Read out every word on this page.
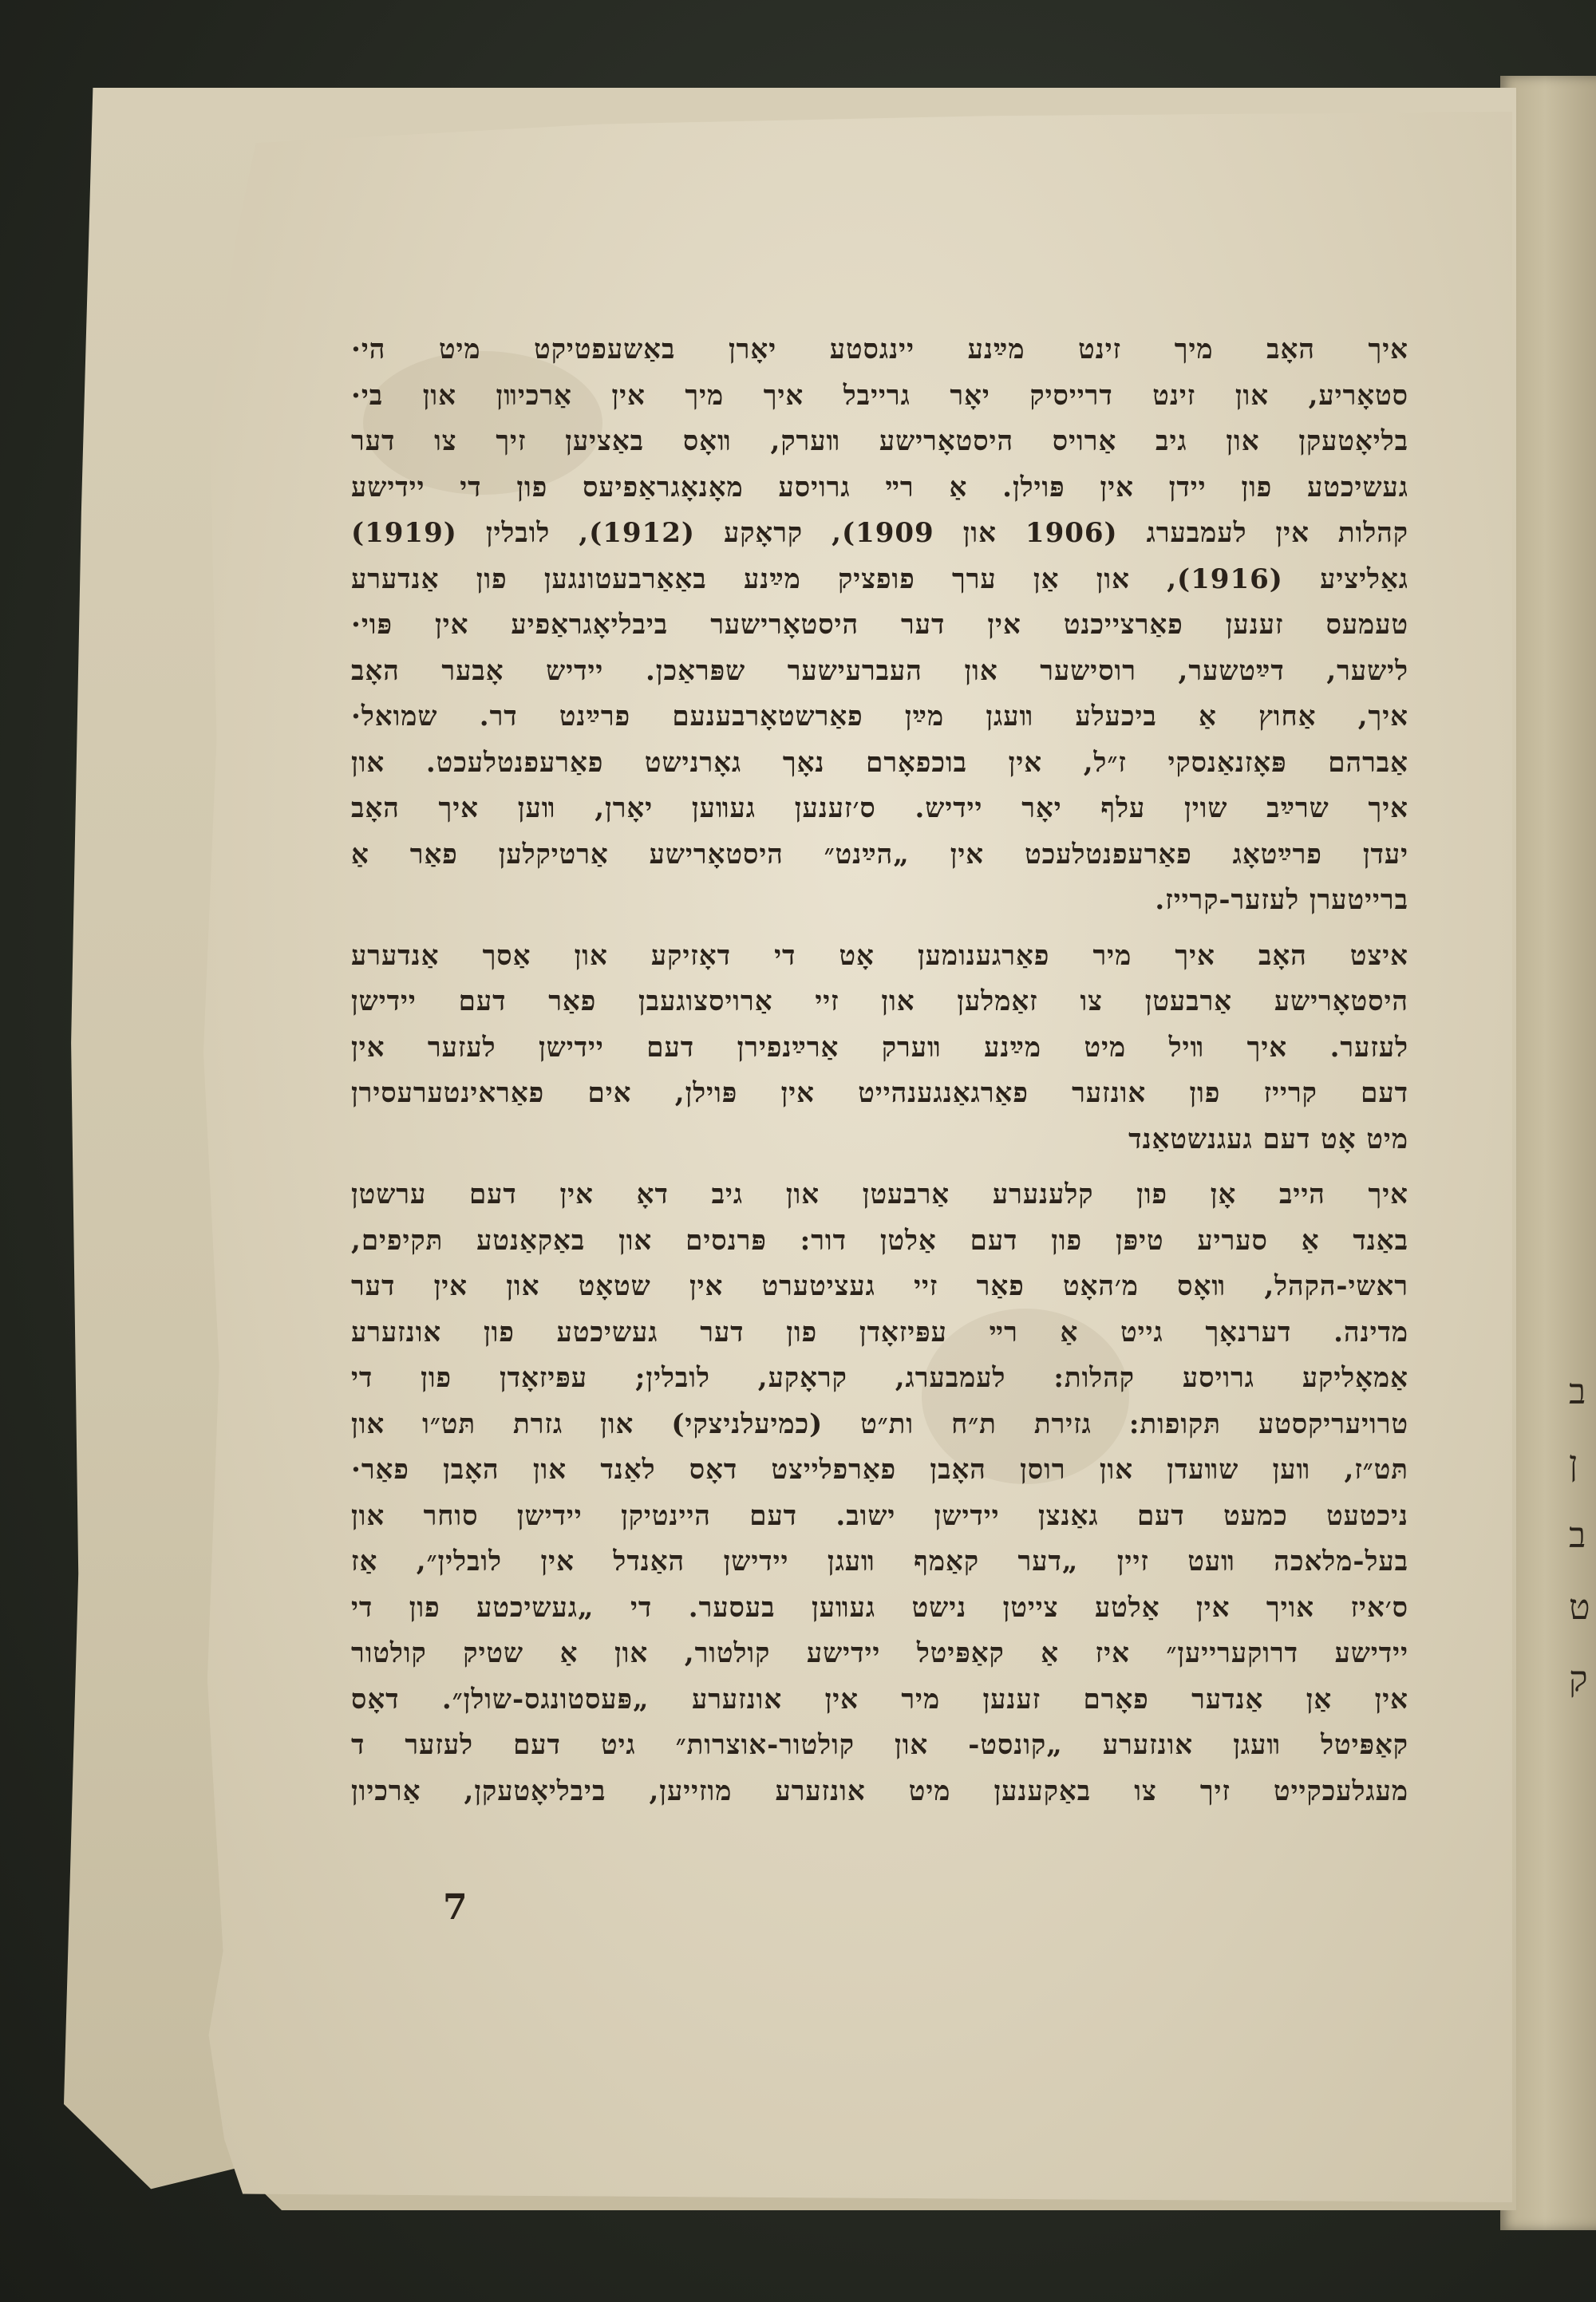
ב
ן
ב
ט
ק
איך האָב מיך זינט מײַנע יינגסטע יאָרן באַשעפטיקט מיט הי·
סטאָריע, און זינט דרייסיק יאָר גרייבל איך מיך אין אַרכיװן און בי·
בליאָטעקן און גיב אַרויס היסטאָרישע װערק, װאָס באַציען זיך צו דער
געשיכטע פון יידן אין פּוילן. אַ רײ גרויסע מאָנאָגראַפיעס פון די יידישע
קהלות אין לעמבערג (1906 און 1909), קראָקע (1912), לובלין (1919)
גאַליציע (1916), און אַן ערך פופציק מײַנע באַאַרבעטונגען פון אַנדערע
טעמעס זענען פאַרצייכנט אין דער היסטאָרישער ביבליאָגראַפיע אין פּוי·
לישער, דײַטשער, רוסישער און העברעישער שפּראַכן. יידיש אָבער האָב
איך, אַחוץ אַ ביכעלע װעגן מײַן פאַרשטאָרבענעם פרײַנט דר. שמואל·
אַברהם פּאָזנאַנסקי ז״ל, אין בוכפאָרם נאָך גאָרנישט פאַרעפנטלעכט. און
איך שרײַב שוין עלף יאָר יידיש. ס׳זענען געװען יאָרן, װען איך האָב
יעדן פרײַטאָג פאַרעפנטלעכט אין „הײַנט״ היסטאָרישע אַרטיקלען פאַר אַ
ברייטערן לעזער-קרייז.
איצט האָב איך מיר פאַרגענומען אָט די דאָזיקע און אַסך אַנדערע
היסטאָרישע אַרבעטן צו זאַמלען און זיי אַרויסצוגעבן פאַר דעם יידישן
לעזער. איך װיל מיט מײַנע װערק אַרײַנפירן דעם יידישן לעזער אין
דעם קרייז פון אונזער פאַרגאַנגענהייט אין פּוילן, אים פאַראינטערעסירן
מיט אָט דעם געגנשטאַנד
איך הייב אָן פון קלענערע אַרבעטן און גיב דאָ אין דעם ערשטן
באַנד אַ סעריע טיפּן פון דעם אַלטן דור: פּרנסים און באַקאַנטע תּקיפים,
ראשי-הקהל, װאָס מ׳האָט פאַר זיי געציטערט אין שטאָט און אין דער
מדינה. דערנאָך גייט אַ רײ עפּיזאָדן פון דער געשיכטע פון אונזערע
אַמאָליקע גרויסע קהלות: לעמבערג, קראָקע, לובלין; עפּיזאָדן פון די
טרויעריקסטע תּקופות: גזירת ת״ח ות״ט (כמיעלניצקי) און גזרת תּט״ו און
תּט״ז, װען שװעדן און רוסן האָבן פאַרפלייצט דאָס לאַנד און האָבן פאַר·
ניכטעט כמעט דעם גאַנצן יידישן ישוב. דעם היינטיקן יידישן סוחר און
בעל-מלאכה װעט זיין „דער קאַמף װעגן יידישן האַנדל אין לובלין״, אַז
ס׳איז אויך אין אַלטע צייטן נישט געװען בעסער. די „געשיכטע פון די
יידישע דרוקערייען״ איז אַ קאַפּיטל יידישע קולטור, און אַ שטיק קולטור
אין אַן אַנדער פאָרם זענען מיר אין אונזערע „פּעסטונגס-שולן״. דאָס
קאַפּיטל װעגן אונזערע „קונסט- און קולטור-אוצרות״ גיט דעם לעזער ד
מעגלעכקייט זיך צו באַקענען מיט אונזערע מוזייען, ביבליאָטעקן, אַרכיון
7
